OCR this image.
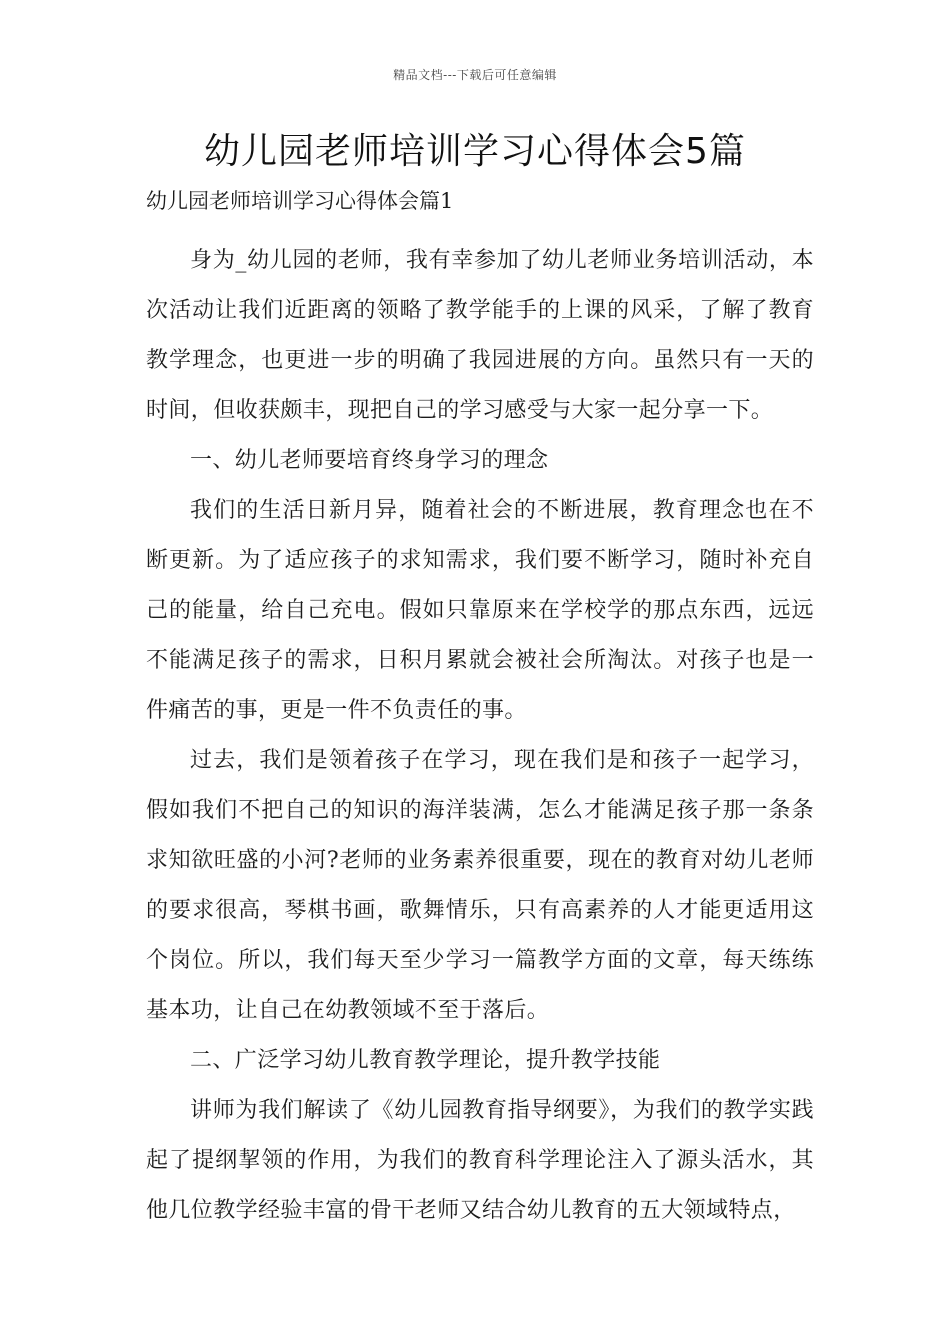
精品文档---下载后可任意编辑
幼儿园老师培训学习心得体会5篇
幼儿园老师培训学习心得体会篇1

身为_幼儿园的老师，我有幸参加了幼儿老师业务培训活动，本次活动让我们近距离的领略了教学能手的上课的风采，了解了教育教学理念，也更进一步的明确了我园进展的方向。虽然只有一天的时间，但收获颇丰，现把自己的学习感受与大家一起分享一下。

一、幼儿老师要培育终身学习的理念

我们的生活日新月异，随着社会的不断进展，教育理念也在不断更新。为了适应孩子的求知需求，我们要不断学习，随时补充自己的能量，给自己充电。假如只靠原来在学校学的那点东西，远远不能满足孩子的需求，日积月累就会被社会所淘汰。对孩子也是一件痛苦的事，更是一件不负责任的事。

过去，我们是领着孩子在学习，现在我们是和孩子一起学习，假如我们不把自己的知识的海洋装满，怎么才能满足孩子那一条条求知欲旺盛的小河?老师的业务素养很重要，现在的教育对幼儿老师的要求很高，琴棋书画，歌舞情乐，只有高素养的人才能更适用这个岗位。所以，我们每天至少学习一篇教学方面的文章，每天练练基本功，让自己在幼教领域不至于落后。

二、广泛学习幼儿教育教学理论，提升教学技能

讲师为我们解读了《幼儿园教育指导纲要》，为我们的教学实践起了提纲挈领的作用，为我们的教育科学理论注入了源头活水，其他几位教学经验丰富的骨干老师又结合幼儿教育的五大领域特点，
